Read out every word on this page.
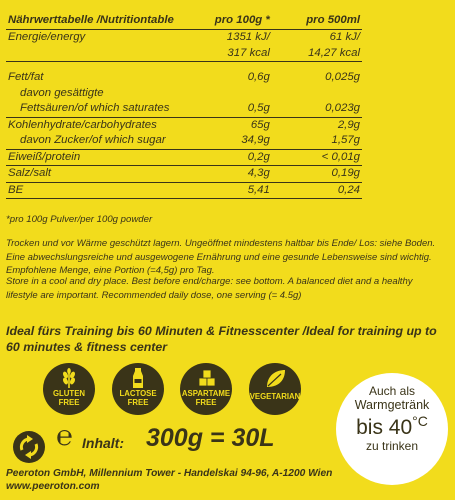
Nährwerttabelle /Nutritiontable	pro 100g *	pro 500ml
Energie/energy	1351 kJ/	61 kJ/
	317 kcal	14,27 kcal

Fett/fat	0,6g	0,025g
davon gesättigte		
Fettsäuren/of which saturates	0,5g	0,023g
Kohlenhydrate/carbohydrates	65g	2,9g
davon Zucker/of which sugar	34,9g	1,57g
Eiweiß/protein	0,2g	< 0,01g
Salz/salt	4,3g	0,19g
BE	5,41	0,24
*pro 100g Pulver/per 100g powder
Trocken und vor Wärme geschützt lagern. Ungeöffnet mindestens haltbar bis Ende/ Los: siehe Boden. Eine abwechslungsreiche und ausgewogene Ernährung und eine gesunde Lebensweise sind wichtig. Empfohlene Menge, eine Portion (=4,5g) pro Tag.
Store in a cool and dry place. Best before end/charge: see bottom. A balanced diet and a healthy lifestyle are important. Recommended daily dose, one serving (= 4.5g)
Ideal fürs Training bis 60 Minuten & Fitnesscenter /Ideal for training up to 60 minutes & fitness center
GLUTEN
FREE
LACTOSE
FREE
ASPARTAME
FREE
VEGETARIAN	Auch als
Warmgetränk
bis $40^{^\circ C}$
zu trinken
℮ Inhalt: 300g = 30L
Peeroton GmbH, Millennium Tower - Handelskai 94-96, A-1200 Wien
www.peeroton.com
